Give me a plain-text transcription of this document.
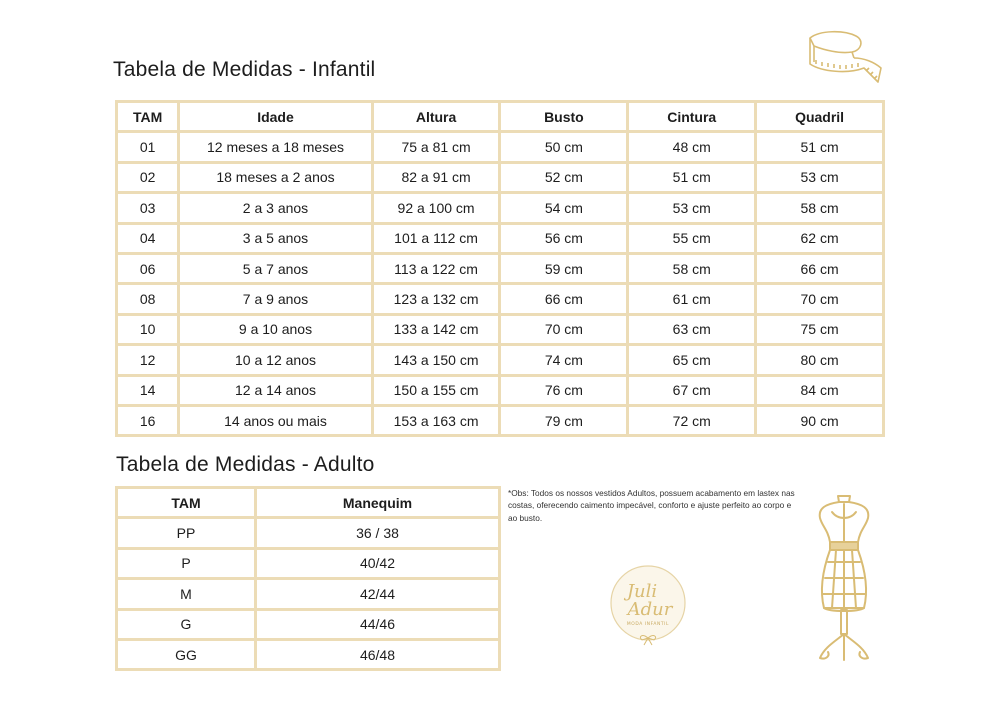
Tabela de Medidas - Infantil
TAM	Idade	Altura	Busto	Cintura	Quadril
01	12 meses a 18 meses	75 a 81 cm	50 cm	48 cm	51 cm
02	18 meses a 2 anos	82 a 91 cm	52 cm	51 cm	53 cm
03	2 a 3 anos	92 a 100 cm	54 cm	53 cm	58 cm
04	3 a 5 anos	101 a 112 cm	56 cm	55 cm	62 cm
06	5 a 7 anos	113 a 122 cm	59 cm	58 cm	66 cm
08	7 a 9 anos	123 a 132 cm	66 cm	61 cm	70 cm
10	9 a 10 anos	133 a 142 cm	70 cm	63 cm	75 cm
12	10 a 12 anos	143 a 150 cm	74 cm	65 cm	80 cm
14	12 a 14 anos	150 a 155 cm	76 cm	67 cm	84 cm
16	14 anos ou mais	153 a 163 cm	79 cm	72 cm	90 cm
Tabela de Medidas - Adulto
TAM	Manequim
PP	36 / 38
P	40/42
M	42/44
G	44/46
GG	46/48
*Obs: Todos os nossos vestidos Adultos, possuem acabamento em lastex nas costas, oferecendo caimento impecável, conforto e ajuste perfeito ao corpo e ao busto.
Juli
Adur
MODA INFANTIL
